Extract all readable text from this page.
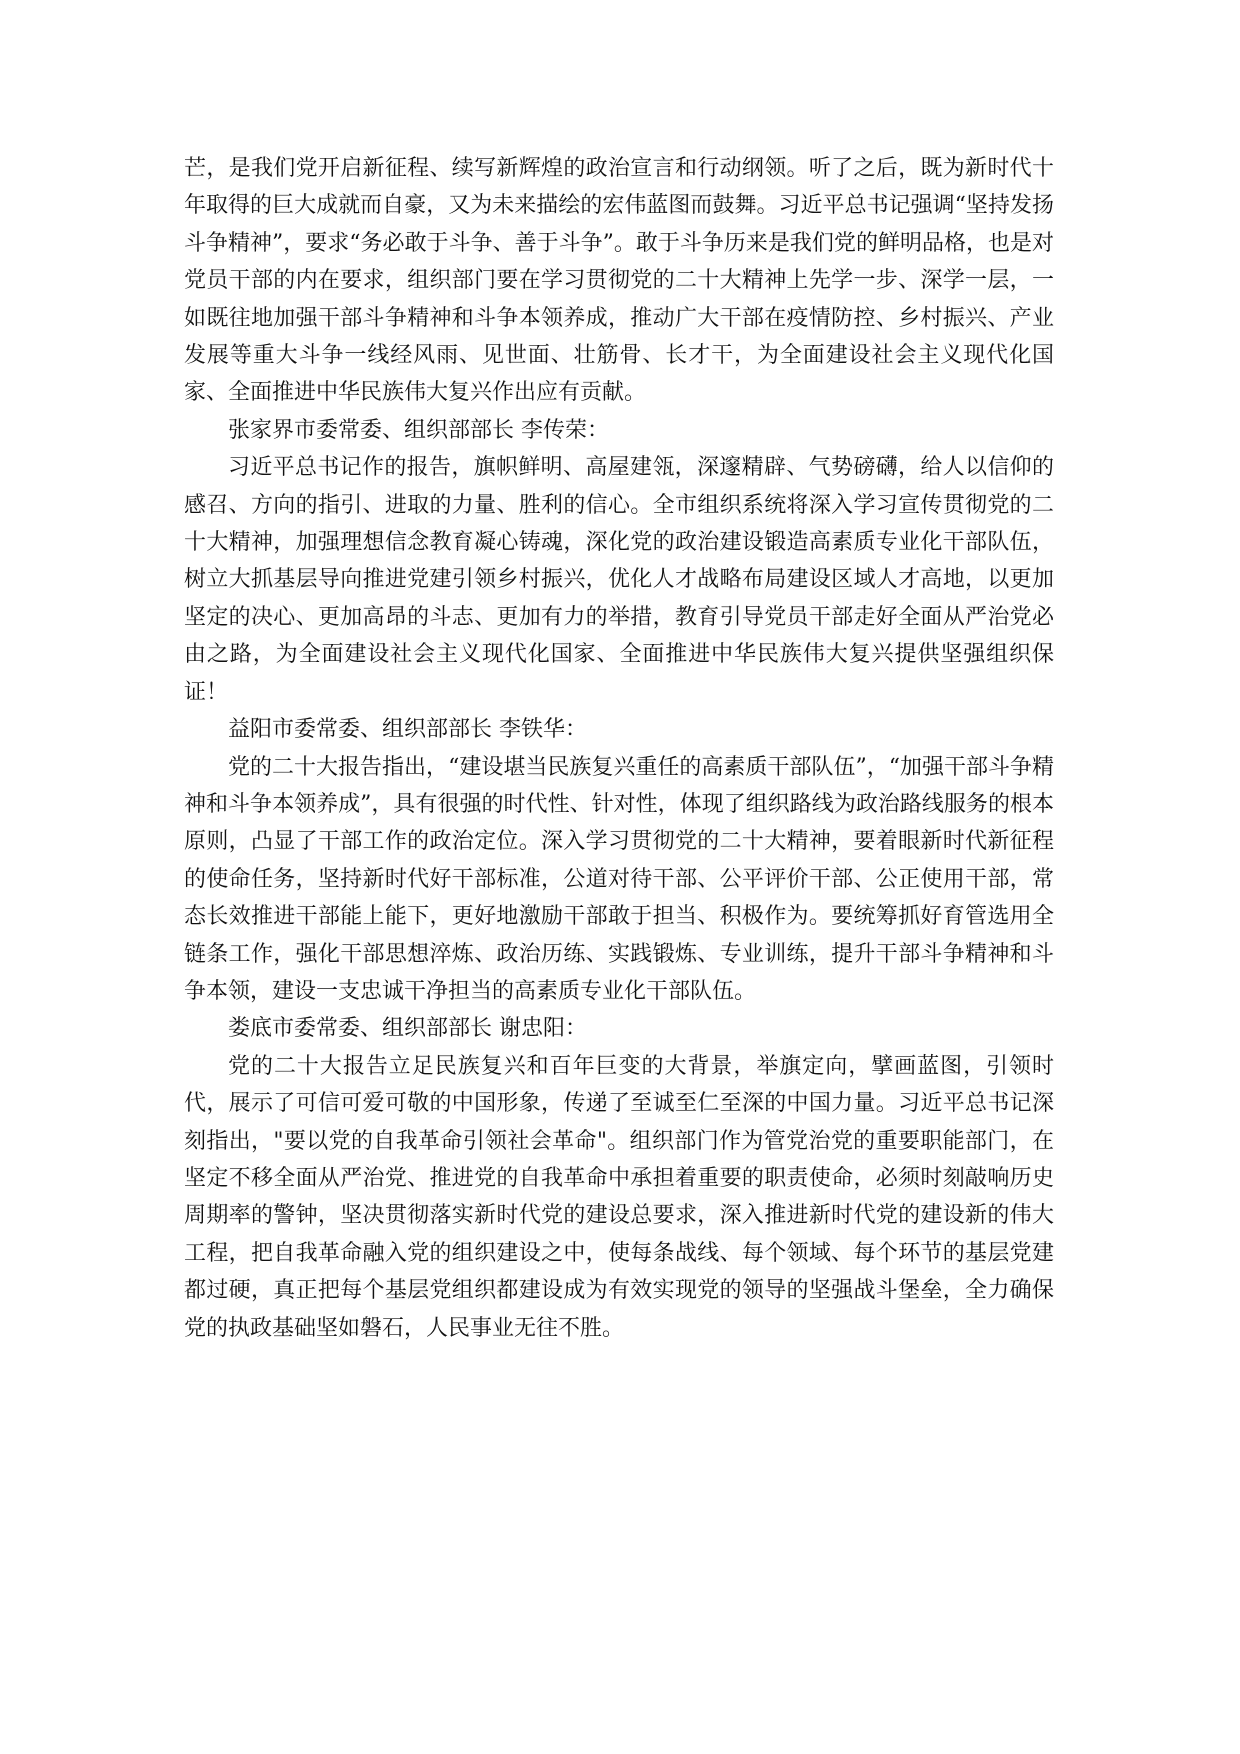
芒，是我们党开启新征程、续写新辉煌的政治宣言和行动纲领。听了之后，既为新时代十年取得的巨大成就而自豪，又为未来描绘的宏伟蓝图而鼓舞。习近平总书记强调“坚持发扬斗争精神”，要求“务必敢于斗争、善于斗争”。敢于斗争历来是我们党的鲜明品格，也是对党员干部的内在要求，组织部门要在学习贯彻党的二十大精神上先学一步、深学一层，一如既往地加强干部斗争精神和斗争本领养成，推动广大干部在疫情防控、乡村振兴、产业发展等重大斗争一线经风雨、见世面、壮筋骨、长才干，为全面建设社会主义现代化国家、全面推进中华民族伟大复兴作出应有贡献。

张家界市委常委、组织部部长 李传荣：

习近平总书记作的报告，旗帜鲜明、高屋建瓴，深邃精辟、气势磅礴，给人以信仰的感召、方向的指引、进取的力量、胜利的信心。全市组织系统将深入学习宣传贯彻党的二十大精神，加强理想信念教育凝心铸魂，深化党的政治建设锻造高素质专业化干部队伍，树立大抓基层导向推进党建引领乡村振兴，优化人才战略布局建设区域人才高地，以更加坚定的决心、更加高昂的斗志、更加有力的举措，教育引导党员干部走好全面从严治党必由之路，为全面建设社会主义现代化国家、全面推进中华民族伟大复兴提供坚强组织保证！

益阳市委常委、组织部部长 李铁华：

党的二十大报告指出，“建设堪当民族复兴重任的高素质干部队伍”，“加强干部斗争精神和斗争本领养成”，具有很强的时代性、针对性，体现了组织路线为政治路线服务的根本原则，凸显了干部工作的政治定位。深入学习贯彻党的二十大精神，要着眼新时代新征程的使命任务，坚持新时代好干部标准，公道对待干部、公平评价干部、公正使用干部，常态长效推进干部能上能下，更好地激励干部敢于担当、积极作为。要统筹抓好育管选用全链条工作，强化干部思想淬炼、政治历练、实践锻炼、专业训练，提升干部斗争精神和斗争本领，建设一支忠诚干净担当的高素质专业化干部队伍。

娄底市委常委、组织部部长 谢忠阳：

党的二十大报告立足民族复兴和百年巨变的大背景，举旗定向，擘画蓝图，引领时代，展示了可信可爱可敬的中国形象，传递了至诚至仁至深的中国力量。习近平总书记深刻指出，"要以党的自我革命引领社会革命"。组织部门作为管党治党的重要职能部门，在坚定不移全面从严治党、推进党的自我革命中承担着重要的职责使命，必须时刻敲响历史周期率的警钟，坚决贯彻落实新时代党的建设总要求，深入推进新时代党的建设新的伟大工程，把自我革命融入党的组织建设之中，使每条战线、每个领域、每个环节的基层党建都过硬，真正把每个基层党组织都建设成为有效实现党的领导的坚强战斗堡垒，全力确保党的执政基础坚如磐石，人民事业无往不胜。
